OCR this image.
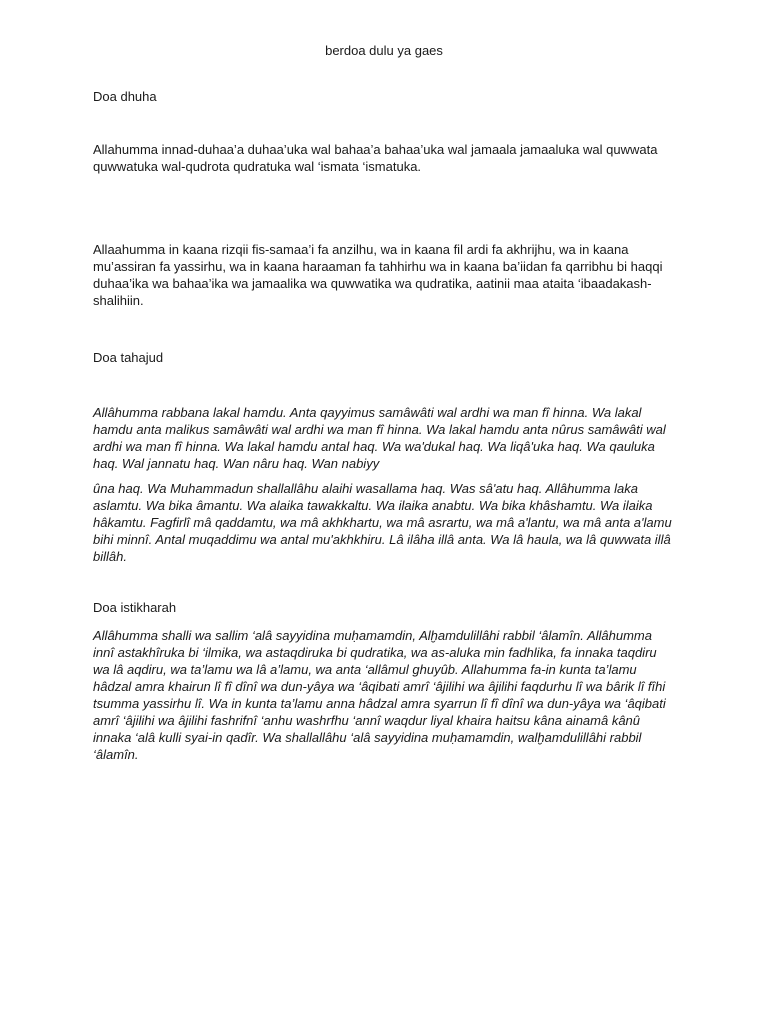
berdoa dulu ya gaes
Doa dhuha

Allahumma innad-duhaa’a duhaa’uka wal bahaa’a bahaa’uka wal jamaala jamaaluka wal quwwata quwwatuka wal-qudrota qudratuka wal ‘ismata ‘ismatuka.

Allaahumma in kaana rizqii fis-samaa’i fa anzilhu, wa in kaana fil ardi fa akhrijhu, wa in kaana mu’assiran fa yassirhu, wa in kaana haraaman fa tahhirhu wa in kaana ba’iidan fa qarribhu bi haqqi duhaa’ika wa bahaa’ika wa jamaalika wa quwwatika wa qudratika, aatinii maa ataita ‘ibaadakash-shalihiin.

Doa tahajud

Allâhumma rabbana lakal hamdu. Anta qayyimus samâwâti wal ardhi wa man fî hinna. Wa lakal hamdu anta malikus samâwâti wal ardhi wa man fî hinna. Wa lakal hamdu anta nûrus samâwâti wal ardhi wa man fî hinna. Wa lakal hamdu antal haq. Wa wa'dukal haq. Wa liqâ'uka haq. Wa qauluka haq. Wal jannatu haq. Wan nâru haq. Wan nabiyy

ûna haq. Wa Muhammadun shallallâhu alaihi wasallama haq. Was sâ'atu haq. Allâhumma laka aslamtu. Wa bika âmantu. Wa alaika tawakkaltu. Wa ilaika anabtu. Wa bika khâshamtu. Wa ilaika hâkamtu. Fagfirlî mâ qaddamtu, wa mâ akhkhartu, wa mâ asrartu, wa mâ a'lantu, wa mâ anta a'lamu bihi minnî. Antal muqaddimu wa antal mu'akhkhiru. Lâ ilâha illâ anta. Wa lâ haula, wa lâ quwwata illâ billâh.

Doa istikharah

Allâhumma shalli wa sallim ‘alâ sayyidina muḥamamdin, Alḫamdulillâhi rabbil ‘âlamîn. Allâhumma innî astakhîruka bi ‘ilmika, wa astaqdiruka bi qudratika, wa as-aluka min fadhlika, fa innaka taqdiru wa lâ aqdiru, wa ta’lamu wa lâ a’lamu, wa anta ‘allâmul ghuyûb. Allahumma fa-in kunta ta’lamu hâdzal amra khairun lî fî dînî wa dun-yâya wa ‘âqibati amrî ‘âjilihi wa âjilihi faqdurhu lî wa bârik lî fîhi tsumma yassirhu lî. Wa in kunta ta’lamu anna hâdzal amra syarrun lî fî dînî wa dun-yâya wa ‘âqibati amrî ‘âjilihi wa âjilihi fashrifnî ‘anhu washrfhu ‘annî waqdur liyal khaira haitsu kâna ainamâ kânû innaka ‘alâ kulli syai-in qadîr. Wa shallallâhu ‘alâ sayyidina muḥamamdin, walḫamdulillâhi rabbil ‘âlamîn.
